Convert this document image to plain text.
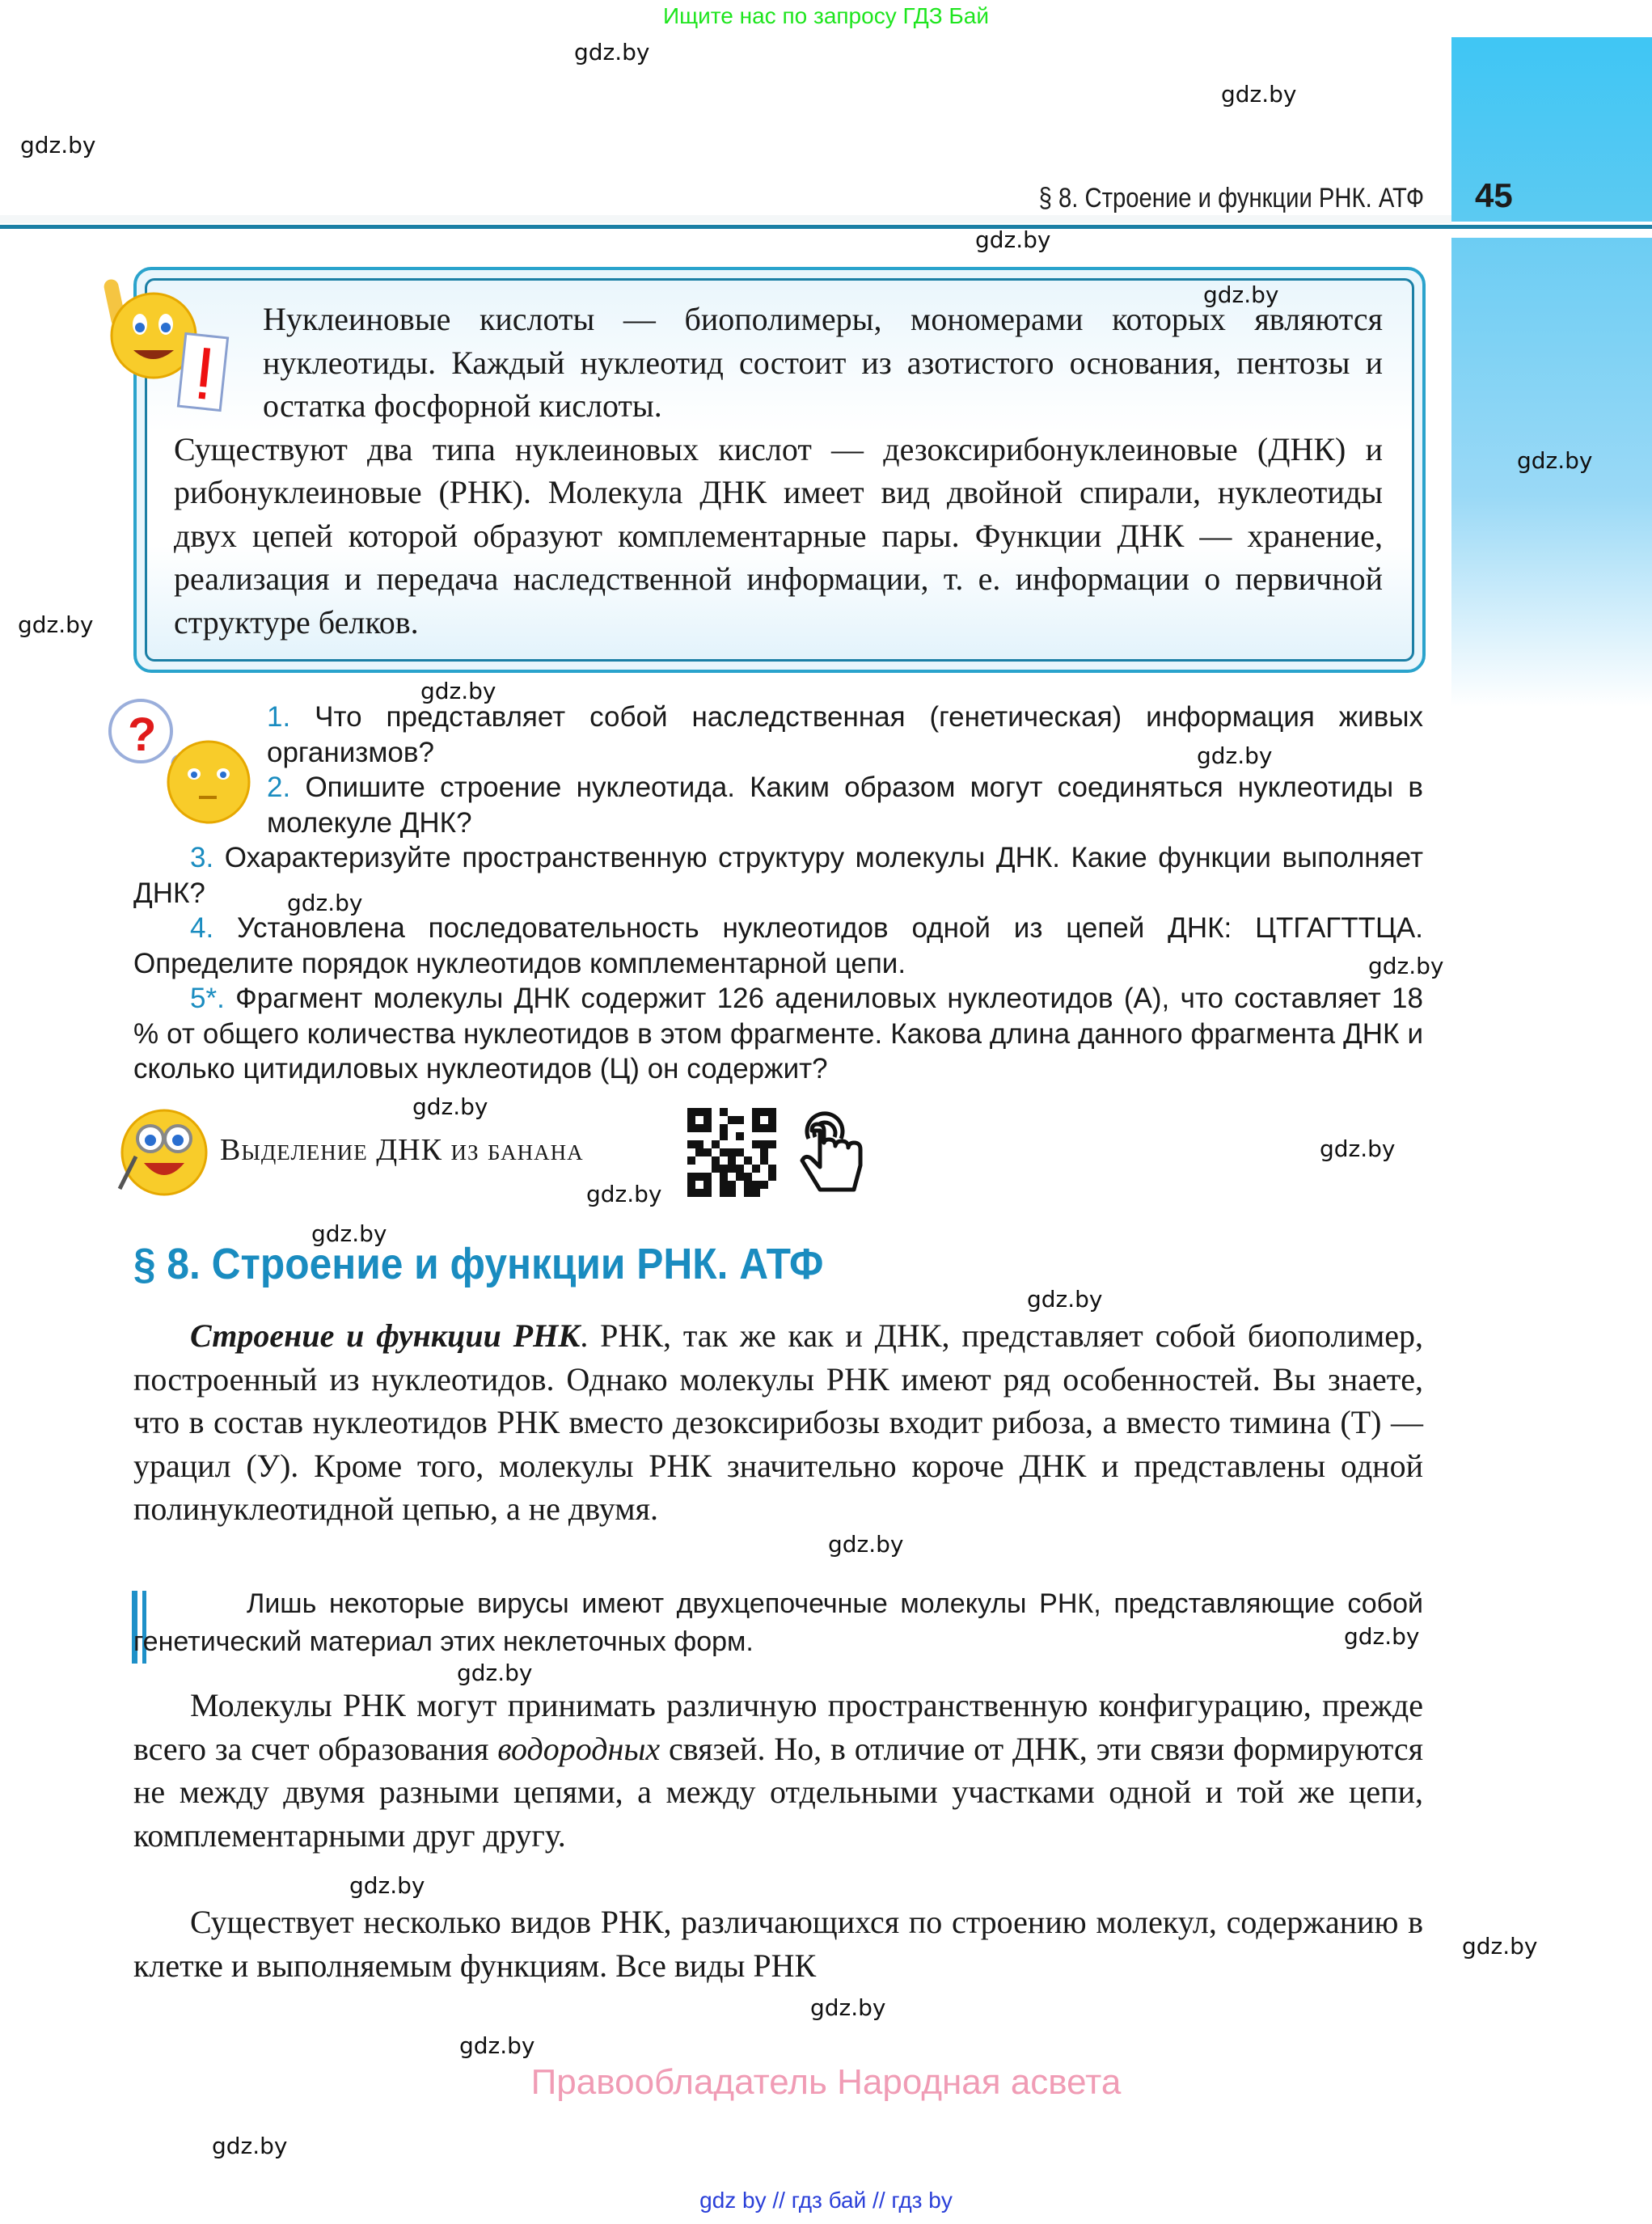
Ищите нас по запросу ГДЗ Бай
45
§ 8. Строение и функции РНК. АТФ
Нуклеиновые кислоты — биополимеры, мономерами которых являются нуклеотиды. Каждый нуклеотид состоит из азотистого основания, пентозы и остатка фосфорной кислоты.
Существуют два типа нуклеиновых кислот — дезоксирибонуклеиновые (ДНК) и рибонуклеиновые (РНК). Молекула ДНК имеет вид двойной спирали, нуклеотиды двух цепей которой образуют комплементарные пары. Функции ДНК — хранение, реализация и передача наследственной информации, т. е. информации о первичной структуре белков.
?	1. Что представляет собой наследственная (генетическая) информация живых организмов?
2. Опишите строение нуклеотида. Каким образом могут соединяться нуклеотиды в молекуле ДНК?
3. Охарактеризуйте пространственную структуру молекулы ДНК. Какие функции выполняет ДНК?
4. Установлена последовательность нуклеотидов одной из цепей ДНК: ЦТГАГТТЦА. Определите порядок нуклеотидов комплементарной цепи.
5*. Фрагмент молекулы ДНК содержит 126 адениловых нуклеотидов (А), что составляет 18 % от общего количества нуклеотидов в этом фрагменте. Какова длина данного фрагмента ДНК и сколько цитидиловых нуклеотидов (Ц) он содержит?
Выделение ДНК из банана
§ 8. Строение и функции РНК. АТФ
Строение и функции РНК. РНК, так же как и ДНК, представляет собой биополимер, построенный из нуклеотидов. Однако молекулы РНК имеют ряд особенностей. Вы знаете, что в состав нуклеотидов РНК вместо дезоксирибозы входит рибоза, а вместо тимина (Т) — урацил (У). Кроме того, молекулы РНК значительно короче ДНК и представлены одной полинуклеотидной цепью, а не двумя.
Лишь некоторые вирусы имеют двухцепочечные молекулы РНК, представляющие собой генетический материал этих неклеточных форм.
Молекулы РНК могут принимать различную пространственную конфигурацию, прежде всего за счет образования водородных связей. Но, в отличие от ДНК, эти связи формируются не между двумя разными цепями, а между отдельными участками одной и той же цепи, комплементарными друг другу.
Существует несколько видов РНК, различающихся по строению молекул, содержанию в клетке и выполняемым функциям. Все виды РНК
Правообладатель Народная асвета
gdz by // гдз бай // гдз by
gdz.by
gdz.by
gdz.by
gdz.by
gdz.by
gdz.by
gdz.by
gdz.by
gdz.by
gdz.by
gdz.by
gdz.by
gdz.by
gdz.by
gdz.by
gdz.by
gdz.by
gdz.by
gdz.by
gdz.by
gdz.by
gdz.by
gdz.by
gdz.by
